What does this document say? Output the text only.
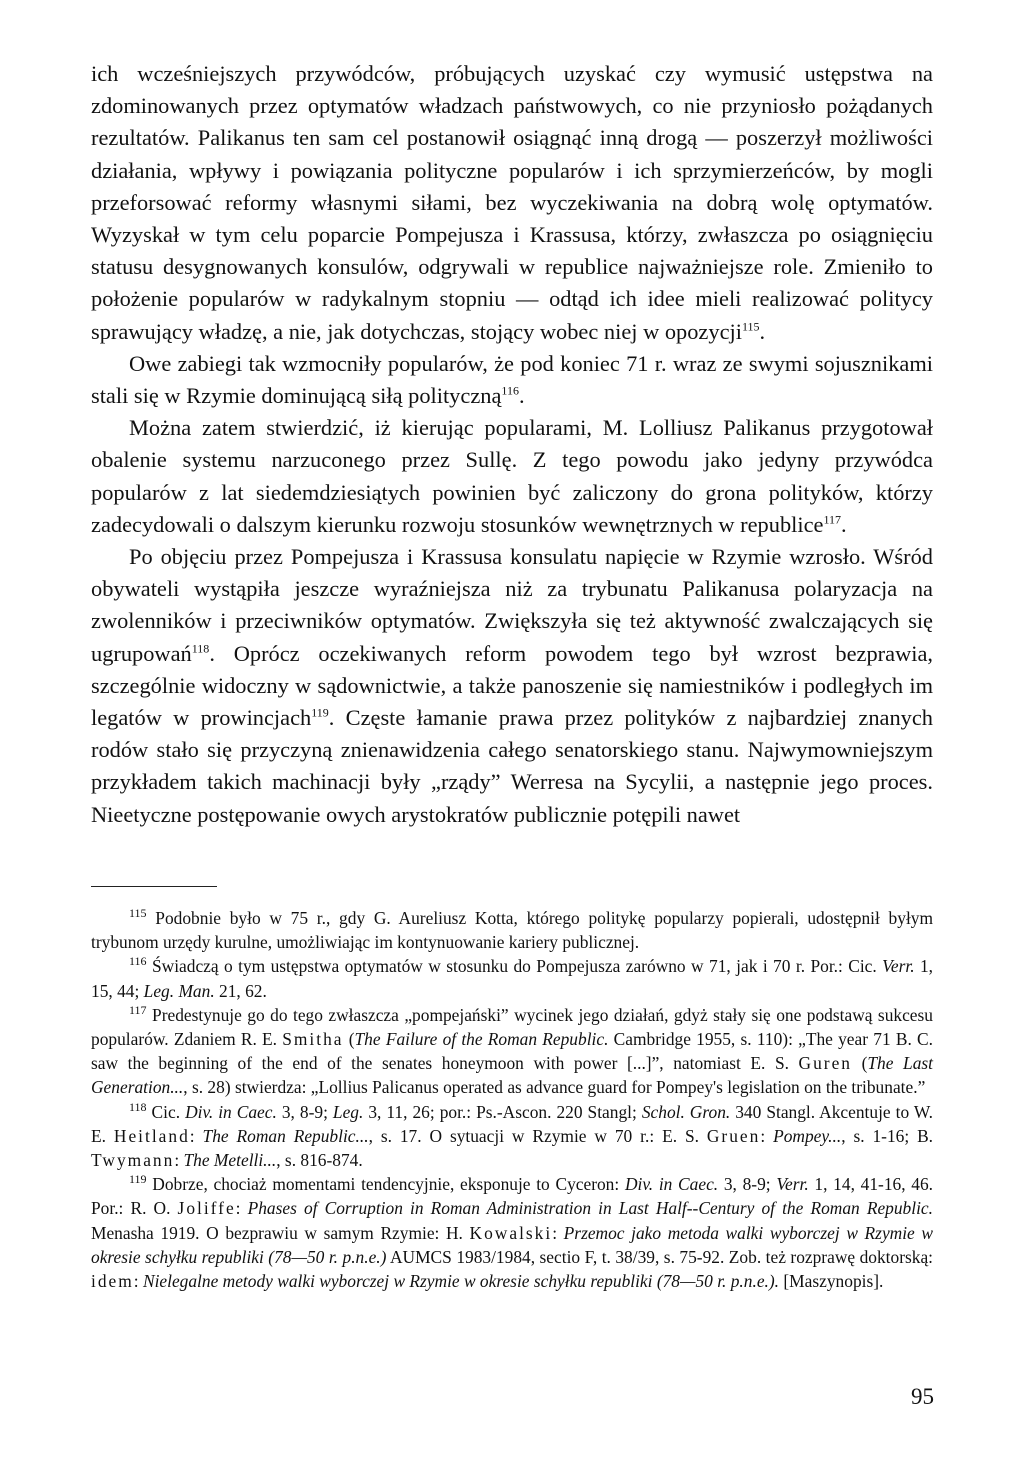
ich wcześniejszych przywódców, próbujących uzyskać czy wymusić ustępstwa na zdominowanych przez optymatów władzach państwowych, co nie przyniosło pożądanych rezultatów. Palikanus ten sam cel postanowił osiągnąć inną drogą — poszerzył możliwości działania, wpływy i powiązania polityczne popularów i ich sprzymierzeńców, by mogli przeforsować reformy własnymi siłami, bez wyczekiwania na dobrą wolę optymatów. Wyzyskał w tym celu poparcie Pompejusza i Krassusa, którzy, zwłaszcza po osiągnięciu statusu desygnowanych konsulów, odgrywali w republice najważniejsze role. Zmieniło to położenie popularów w radykalnym stopniu — odtąd ich idee mieli realizować politycy sprawujący władzę, a nie, jak dotychczas, stojący wobec niej w opozycji$^{115}$.

Owe zabiegi tak wzmocniły popularów, że pod koniec 71 r. wraz ze swymi sojusznikami stali się w Rzymie dominującą siłą polityczną$^{116}$.

Można zatem stwierdzić, iż kierując popularami, M. Lolliusz Palikanus przygotował obalenie systemu narzuconego przez Sullę. Z tego powodu jako jedyny przywódca popularów z lat siedemdziesiątych powinien być zaliczony do grona polityków, którzy zadecydowali o dalszym kierunku rozwoju stosunków wewnętrznych w republice$^{117}$.

Po objęciu przez Pompejusza i Krassusa konsulatu napięcie w Rzymie wzrosło. Wśród obywateli wystąpiła jeszcze wyraźniejsza niż za trybunatu Palikanusa polaryzacja na zwolenników i przeciwników optymatów. Zwiększyła się też aktywność zwalczających się ugrupowań$^{118}$. Oprócz oczekiwanych reform powodem tego był wzrost bezprawia, szczególnie widoczny w sądownictwie, a także panoszenie się namiestników i podległych im legatów w prowincjach$^{119}$. Częste łamanie prawa przez polityków z najbardziej znanych rodów stało się przyczyną znienawidzenia całego senatorskiego stanu. Najwymowniejszym przykładem takich machinacji były „rządy” Werresa na Sycylii, a następnie jego proces. Nieetyczne postępowanie owych arystokratów publicznie potępili nawet

$^{115}$ Podobnie było w 75 r., gdy G. Aureliusz Kotta, którego politykę popularzy popierali, udostępnił byłym trybunom urzędy kurulne, umożliwiając im kontynuowanie kariery publicznej.

$^{116}$ Świadczą o tym ustępstwa optymatów w stosunku do Pompejusza zarówno w 71, jak i 70 r. Por.: Cic. Verr. 1, 15, 44; Leg. Man. 21, 62.

$^{117}$ Predestynuje go do tego zwłaszcza „pompejański” wycinek jego działań, gdyż stały się one podstawą sukcesu popularów. Zdaniem R. E. Smitha (The Failure of the Roman Republic. Cambridge 1955, s. 110): „The year 71 B. C. saw the beginning of the end of the senates honeymoon with power [...]”, natomiast E. S. Guren (The Last Generation..., s. 28) stwierdza: „Lollius Palicanus operated as advance guard for Pompey's legislation on the tribunate.”

$^{118}$ Cic. Div. in Caec. 3, 8-9; Leg. 3, 11, 26; por.: Ps.-Ascon. 220 Stangl; Schol. Gron. 340 Stangl. Akcentuje to W. E. Heitland: The Roman Republic..., s. 17. O sytuacji w Rzymie w 70 r.: E. S. Gruen: Pompey..., s. 1-16; B. Twymann: The Metelli..., s. 816-874.

$^{119}$ Dobrze, chociaż momentami tendencyjnie, eksponuje to Cyceron: Div. in Caec. 3, 8-9; Verr. 1, 14, 41-16, 46. Por.: R. O. Joliffe: Phases of Corruption in Roman Administration in Last Half--Century of the Roman Republic. Menasha 1919. O bezprawiu w samym Rzymie: H. Kowalski: Przemoc jako metoda walki wyborczej w Rzymie w okresie schyłku republiki (78—50 r. p.n.e.) AUMCS 1983/1984, sectio F, t. 38/39, s. 75-92. Zob. też rozprawę doktorską: idem: Nielegalne metody walki wyborczej w Rzymie w okresie schyłku republiki (78—50 r. p.n.e.). [Maszynopis].

95
